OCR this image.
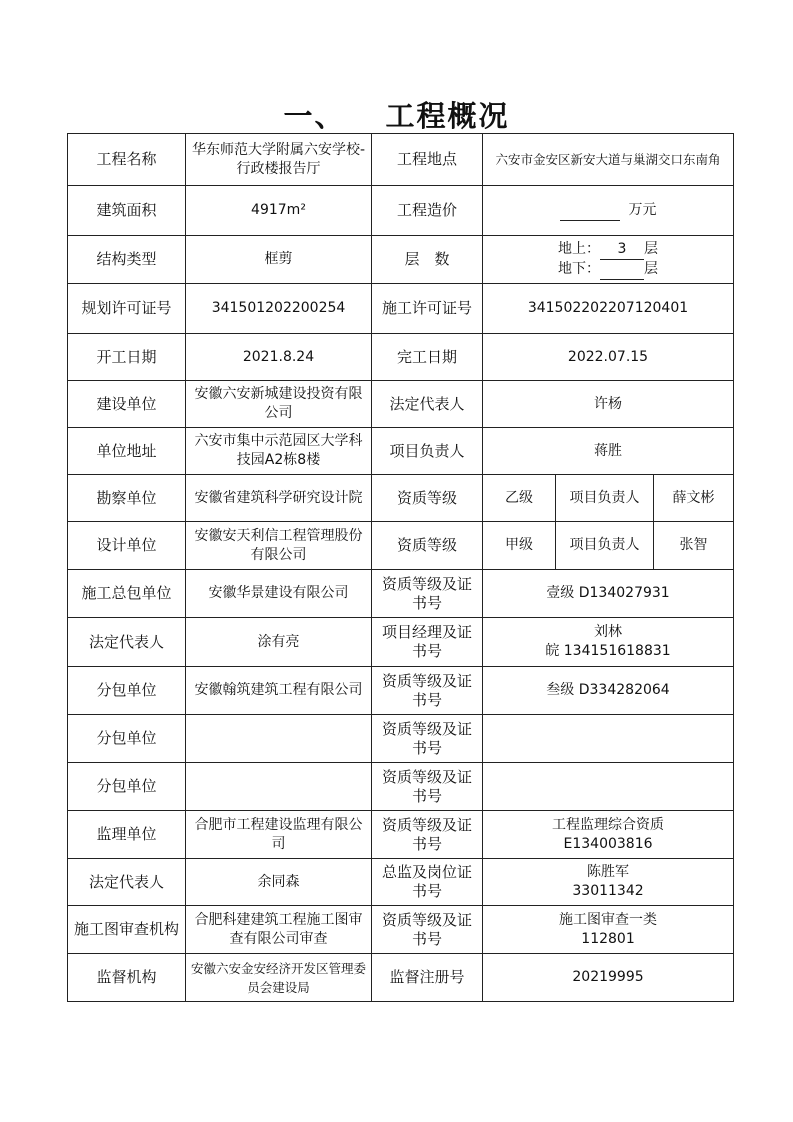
一、 工程概况
工程名称	华东师范大学附属六安学校-行政楼报告厅	工程地点	六安市金安区新安大道与巢湖交口东南角		
建筑面积	4917m²	工程造价	万元		
结构类型	框剪	层　数	地上： 3 层
地下： 层		

规划许可证号	341501202200254	施工许可证号	341502202207120401		
开工日期	2021.8.24	完工日期	2022.07.15		
建设单位	安徽六安新城建设投资有限公司	法定代表人	许杨		
单位地址	六安市集中示范园区大学科技园A2栋8楼	项目负责人	蒋胜		
勘察单位	安徽省建筑科学研究设计院	资质等级	乙级	项目负责人	薛文彬
设计单位	安徽安天利信工程管理股份有限公司	资质等级	甲级	项目负责人	张智
施工总包单位	安徽华景建设有限公司	资质等级及证书号	壹级 D134027931		
法定代表人	涂有亮	项目经理及证书号	刘林
皖 134151618831		

分包单位	安徽翰筑建筑工程有限公司	资质等级及证书号	叁级 D334282064		
分包单位		资质等级及证书号			
分包单位		资质等级及证书号			
监理单位	合肥市工程建设监理有限公司	资质等级及证书号	工程监理综合资质
E134003816		

法定代表人	余同森	总监及岗位证书号	陈胜军
33011342		

施工图审查机构	合肥科建建筑工程施工图审查有限公司审查	资质等级及证书号	施工图审查一类
112801		

监督机构	安徽六安金安经济开发区管理委员会建设局	监督注册号	20219995		
